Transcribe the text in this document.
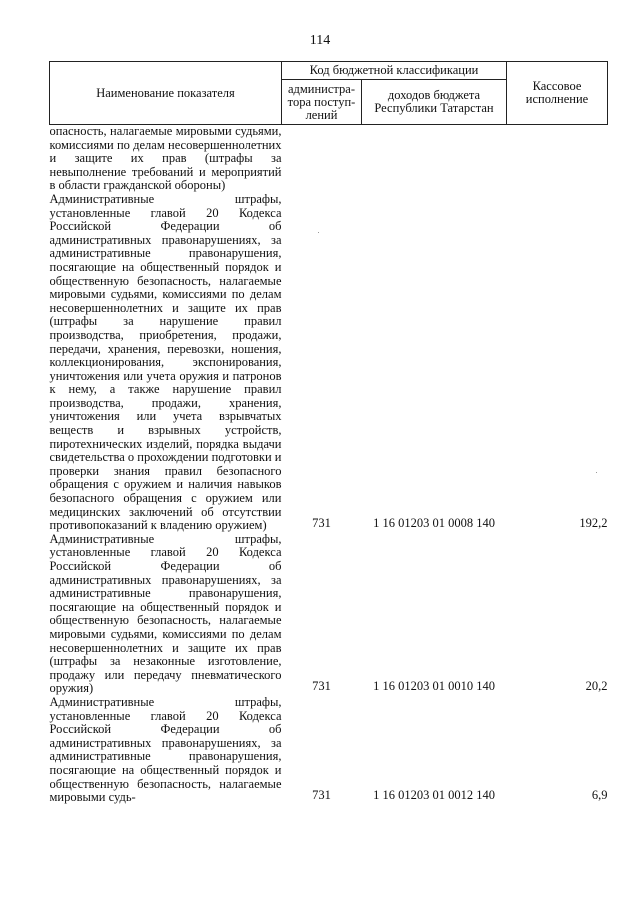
114
Наименование показателя	Код бюджетной классификации		Кассовое исполнение
	администра-тора поступ-лений	доходов бюджета Республики Татарстан	
опасность, налагаемые мировыми судьями, комиссиями по делам несовершеннолетних и защите их прав (штрафы за невыполнение требований и мероприятий в области гражданской обороны)			
Административные штрафы, установленные главой 20 Кодекса Российской Федерации об административных правонарушениях, за административные правонарушения, посягающие на общественный порядок и общественную безопасность, налагаемые мировыми судьями, комиссиями по делам несовершеннолетних и защите их прав (штрафы за нарушение правил производства, приобретения, продажи, передачи, хранения, перевозки, ношения, коллекционирования, экспонирования, уничтожения или учета оружия и патронов к нему, а также нарушение правил производства, продажи, хранения, уничтожения или учета взрывчатых веществ и взрывных устройств, пиротехнических изделий, порядка выдачи свидетельства о прохождении подготовки и проверки знания правил безопасного обращения с оружием и наличия навыков безопасного обращения с оружием или медицинских заключений об отсутствии противопоказаний к владению оружием)	731	1 16 01203 01 0008 140	192,2
Административные штрафы, установленные главой 20 Кодекса Российской Федерации об административных правонарушениях, за административные правонарушения, посягающие на общественный порядок и общественную безопасность, налагаемые мировыми судьями, комиссиями по делам несовершеннолетних и защите их прав (штрафы за незаконные изготовление, продажу или передачу пневматического оружия)	731	1 16 01203 01 0010 140	20,2
Административные штрафы, установленные главой 20 Кодекса Российской Федерации об административных правонарушениях, за административные правонарушения, посягающие на общественный порядок и общественную безопасность, налагаемые мировыми судь-	731	1 16 01203 01 0012 140	6,9
